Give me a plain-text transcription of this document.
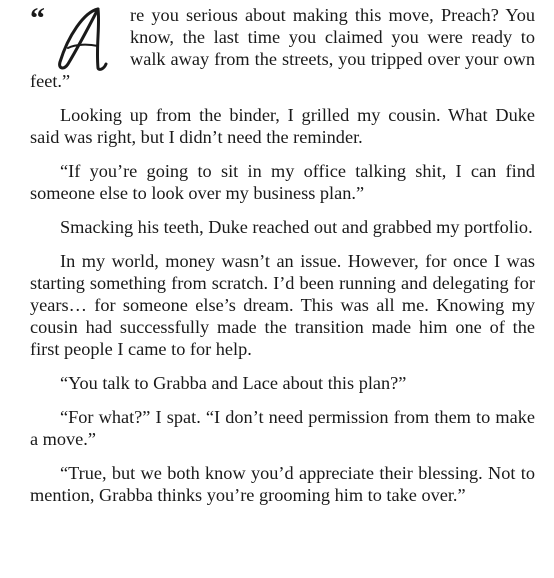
“	re you serious about making this move, Preach? You know, the last time you claimed you were ready to walk away from the streets, you tripped over your own feet.”

Looking up from the binder, I grilled my cousin. What Duke said was right, but I didn’t need the reminder.

“If you’re going to sit in my office talking shit, I can find someone else to look over my business plan.”

Smacking his teeth, Duke reached out and grabbed my portfolio.

In my world, money wasn’t an issue. However, for once I was starting something from scratch. I’d been running and delegating for years… for someone else’s dream. This was all me. Knowing my cousin had successfully made the transition made him one of the first people I came to for help.

“You talk to Grabba and Lace about this plan?”

“For what?” I spat. “I don’t need permission from them to make a move.”

“True, but we both know you’d appreciate their blessing. Not to mention, Grabba thinks you’re grooming him to take over.”
